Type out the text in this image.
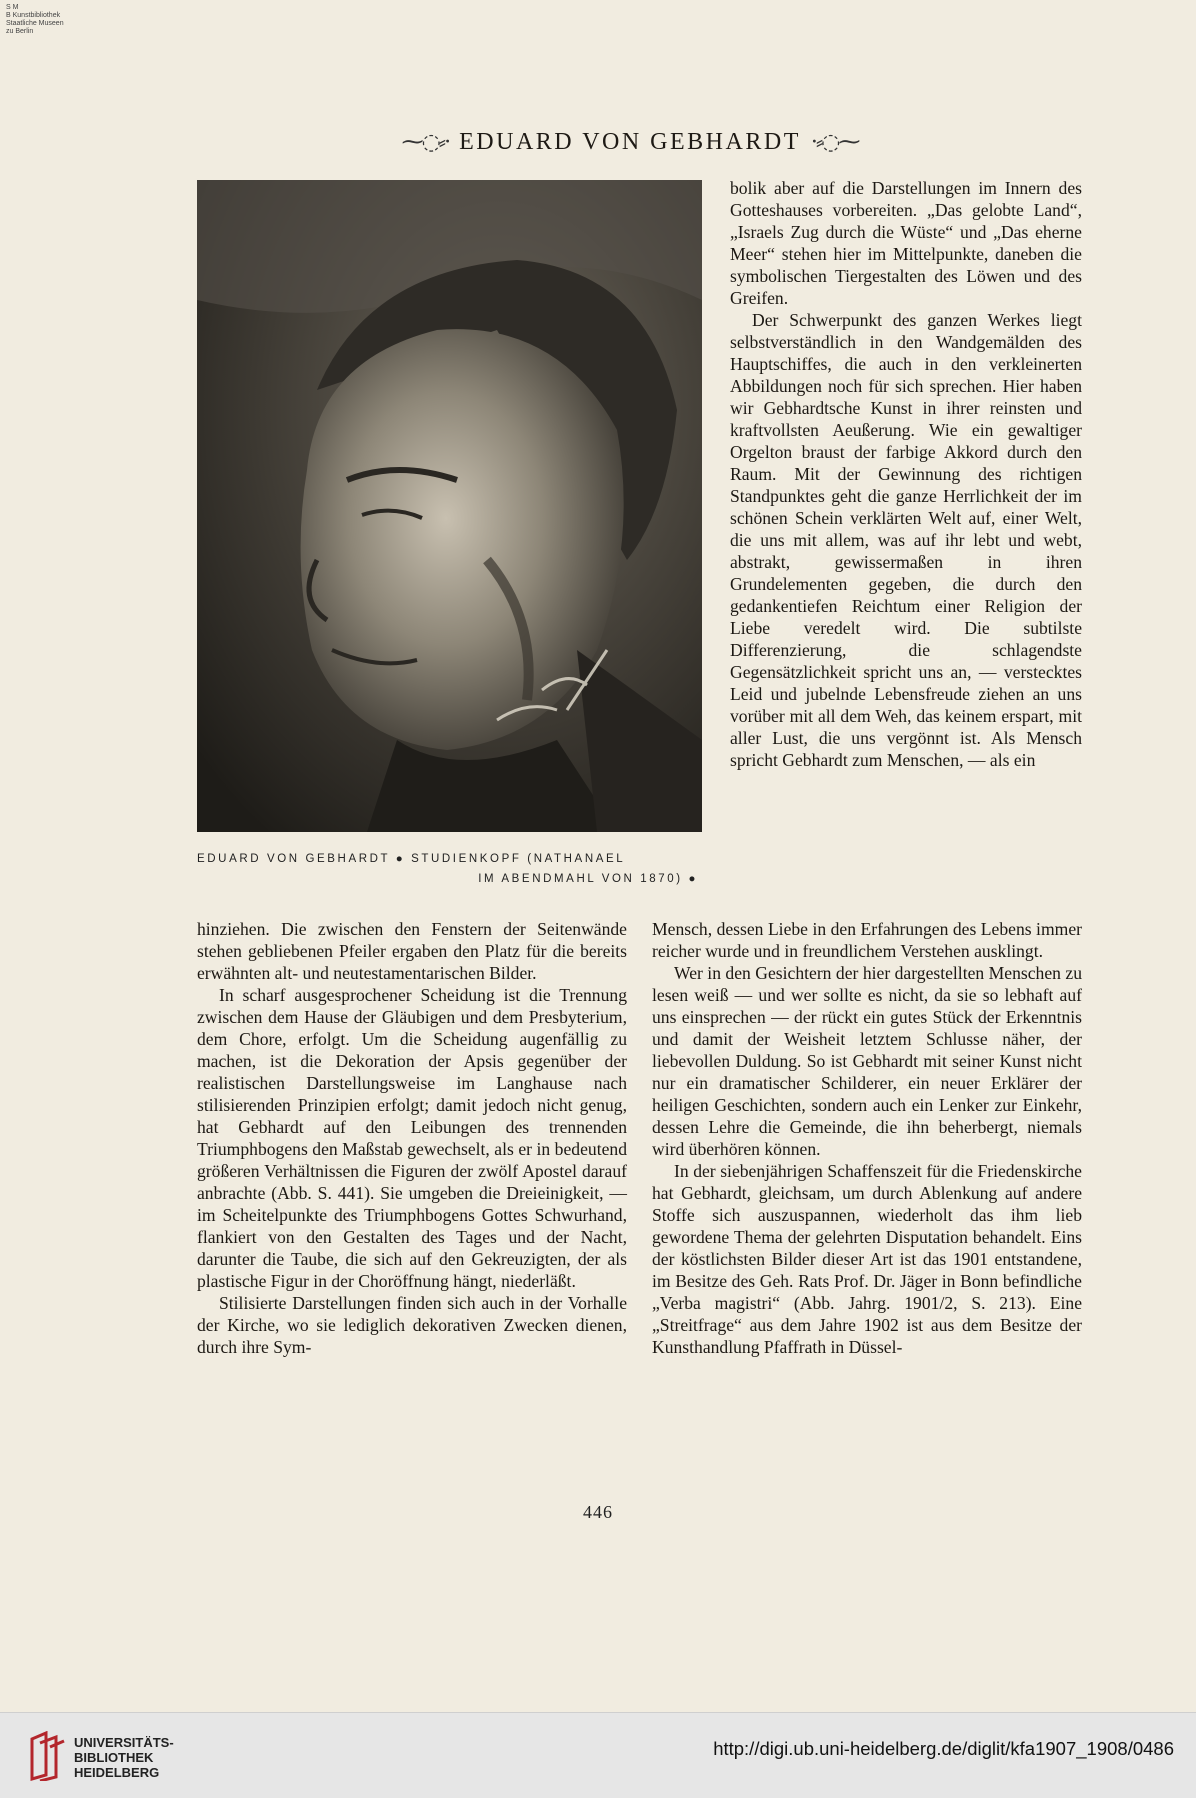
S M
B Kunstbibliothek
Staatliche Museen
zu Berlin
⁓◌⸗· EDUARD VON GEBHARDT ·⸗◌⁓
EDUARD VON GEBHARDT ● STUDIENKOPF (NATHANAEL
IM ABENDMAHL VON 1870) ●

bolik aber auf die Darstellungen im Innern des Gotteshauses vorbereiten. „Das gelobte Land“, „Israels Zug durch die Wüste“ und „Das eherne Meer“ stehen hier im Mittelpunkte, daneben die symbolischen Tiergestalten des Löwen und des Greifen.

Der Schwerpunkt des ganzen Werkes liegt selbstverständlich in den Wandgemälden des Hauptschiffes, die auch in den verkleinerten Abbildungen noch für sich sprechen. Hier haben wir Gebhardtsche Kunst in ihrer reinsten und kraftvollsten Aeußerung. Wie ein gewaltiger Orgelton braust der farbige Akkord durch den Raum. Mit der Gewinnung des richtigen Standpunktes geht die ganze Herrlichkeit der im schönen Schein verklärten Welt auf, einer Welt, die uns mit allem, was auf ihr lebt und webt, abstrakt, gewissermaßen in ihren Grundelementen gegeben, die durch den gedankentiefen Reichtum einer Religion der Liebe veredelt wird. Die subtilste Differenzierung, die schlagendste Gegensätzlichkeit spricht uns an, — verstecktes Leid und jubelnde Lebensfreude ziehen an uns vorüber mit all dem Weh, das keinem erspart, mit aller Lust, die uns vergönnt ist. Als Mensch spricht Gebhardt zum Menschen, — als ein

hinziehen. Die zwischen den Fenstern der Seitenwände stehen gebliebenen Pfeiler ergaben den Platz für die bereits erwähnten alt- und neutestamentarischen Bilder.

In scharf ausgesprochener Scheidung ist die Trennung zwischen dem Hause der Gläubigen und dem Presbyterium, dem Chore, erfolgt. Um die Scheidung augenfällig zu machen, ist die Dekoration der Apsis gegenüber der realistischen Darstellungsweise im Langhause nach stilisierenden Prinzipien erfolgt; damit jedoch nicht genug, hat Gebhardt auf den Leibungen des trennenden Triumphbogens den Maßstab gewechselt, als er in bedeutend größeren Verhältnissen die Figuren der zwölf Apostel darauf anbrachte (Abb. S. 441). Sie umgeben die Dreieinigkeit, — im Scheitelpunkte des Triumphbogens Gottes Schwurhand, flankiert von den Gestalten des Tages und der Nacht, darunter die Taube, die sich auf den Gekreuzigten, der als plastische Figur in der Choröffnung hängt, niederläßt.

Stilisierte Darstellungen finden sich auch in der Vorhalle der Kirche, wo sie lediglich dekorativen Zwecken dienen, durch ihre Sym-

Mensch, dessen Liebe in den Erfahrungen des Lebens immer reicher wurde und in freundlichem Verstehen ausklingt.

Wer in den Gesichtern der hier dargestellten Menschen zu lesen weiß — und wer sollte es nicht, da sie so lebhaft auf uns einsprechen — der rückt ein gutes Stück der Erkenntnis und damit der Weisheit letztem Schlusse näher, der liebevollen Duldung. So ist Gebhardt mit seiner Kunst nicht nur ein dramatischer Schilderer, ein neuer Erklärer der heiligen Geschichten, sondern auch ein Lenker zur Einkehr, dessen Lehre die Gemeinde, die ihn beherbergt, niemals wird überhören können.

In der siebenjährigen Schaffenszeit für die Friedenskirche hat Gebhardt, gleichsam, um durch Ablenkung auf andere Stoffe sich auszuspannen, wiederholt das ihm lieb gewordene Thema der gelehrten Disputation behandelt. Eins der köstlichsten Bilder dieser Art ist das 1901 entstandene, im Besitze des Geh. Rats Prof. Dr. Jäger in Bonn befindliche „Verba magistri“ (Abb. Jahrg. 1901/2, S. 213). Eine „Streitfrage“ aus dem Jahre 1902 ist aus dem Besitze der Kunsthandlung Pfaffrath in Düssel-

446
UNIVERSITÄTS-
BIBLIOTHEK
HEIDELBERG
http://digi.ub.uni-heidelberg.de/diglit/kfa1907_1908/0486
